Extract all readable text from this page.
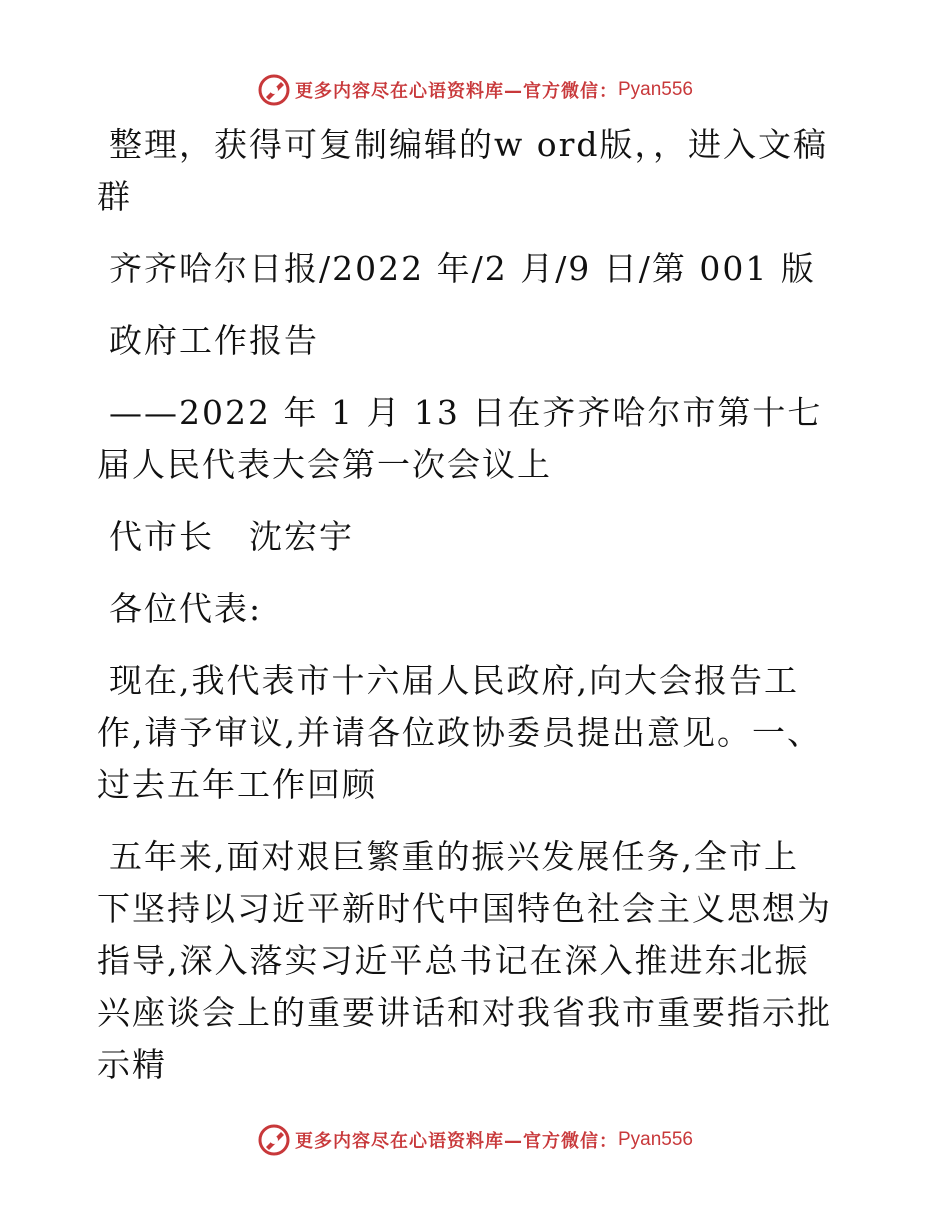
更多内容尽在心语资料库—官方微信： Pyan556

整理，获得可复制编辑的w ord版，，进入文稿群

齐齐哈尔日报/2022 年/2 月/9 日/第 001 版

政府工作报告

——2022 年 1 月 13 日在齐齐哈尔市第十七届人民代表大会第一次会议上

代市长　沈宏宇

各位代表:

现在,我代表市十六届人民政府,向大会报告工作,请予审议,并请各位政协委员提出意见。一、过去五年工作回顾

五年来,面对艰巨繁重的振兴发展任务,全市上下坚持以习近平新时代中国特色社会主义思想为指导,深入落实习近平总书记在深入推进东北振兴座谈会上的重要讲话和对我省我市重要指示批示精

更多内容尽在心语资料库—官方微信： Pyan556
